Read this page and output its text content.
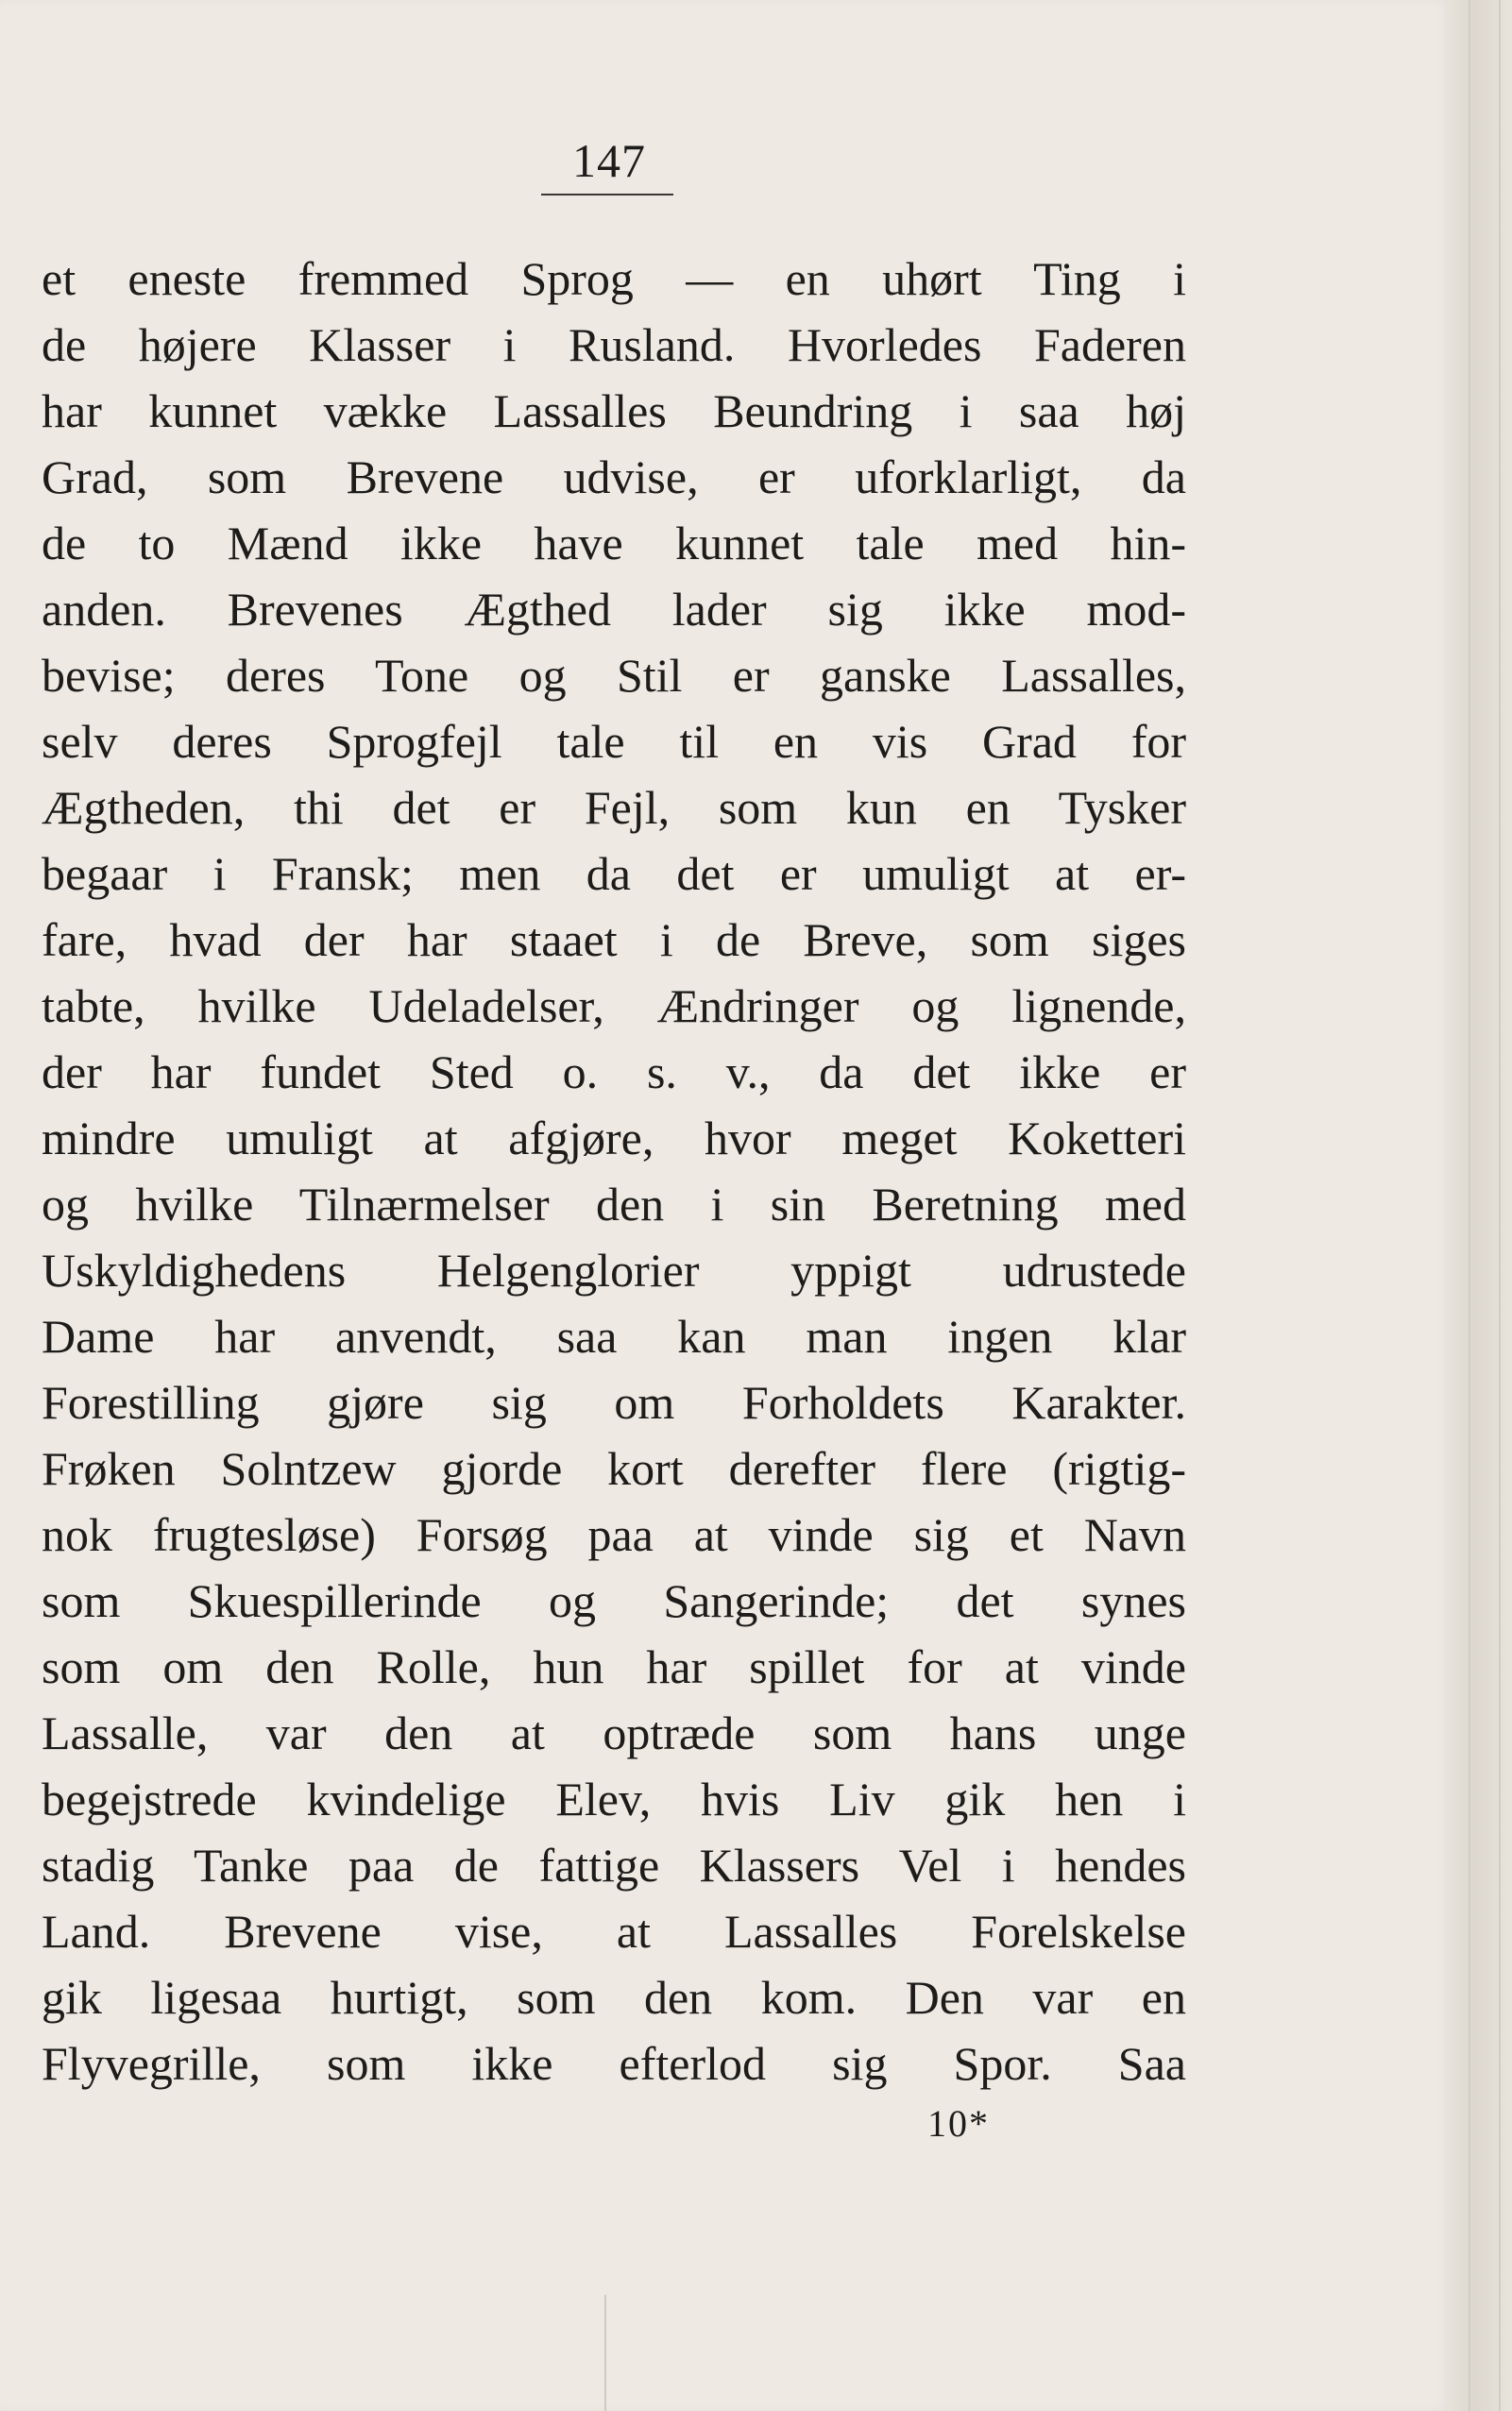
147
et eneste fremmed Sprog — en uhørt Ting i
de højere Klasser i Rusland. Hvorledes Faderen
har kunnet vække Lassalles Beundring i saa høj
Grad, som Brevene udvise, er uforklarligt, da
de to Mænd ikke have kunnet tale med hin-
anden. Brevenes Ægthed lader sig ikke mod-
bevise; deres Tone og Stil er ganske Lassalles,
selv deres Sprogfejl tale til en vis Grad for
Ægtheden, thi det er Fejl, som kun en Tysker
begaar i Fransk; men da det er umuligt at er-
fare, hvad der har staaet i de Breve, som siges
tabte, hvilke Udeladelser, Ændringer og lignende,
der har fundet Sted o. s. v., da det ikke er
mindre umuligt at afgjøre, hvor meget Koketteri
og hvilke Tilnærmelser den i sin Beretning med
Uskyldighedens Helgenglorier yppigt udrustede
Dame har anvendt, saa kan man ingen klar
Forestilling gjøre sig om Forholdets Karakter.
Frøken Solntzew gjorde kort derefter flere (rigtig-
nok frugtesløse) Forsøg paa at vinde sig et Navn
som Skuespillerinde og Sangerinde; det synes
som om den Rolle, hun har spillet for at vinde
Lassalle, var den at optræde som hans unge
begejstrede kvindelige Elev, hvis Liv gik hen i
stadig Tanke paa de fattige Klassers Vel i hendes
Land. Brevene vise, at Lassalles Forelskelse
gik ligesaa hurtigt, som den kom. Den var en
Flyvegrille, som ikke efterlod sig Spor. Saa
10*
